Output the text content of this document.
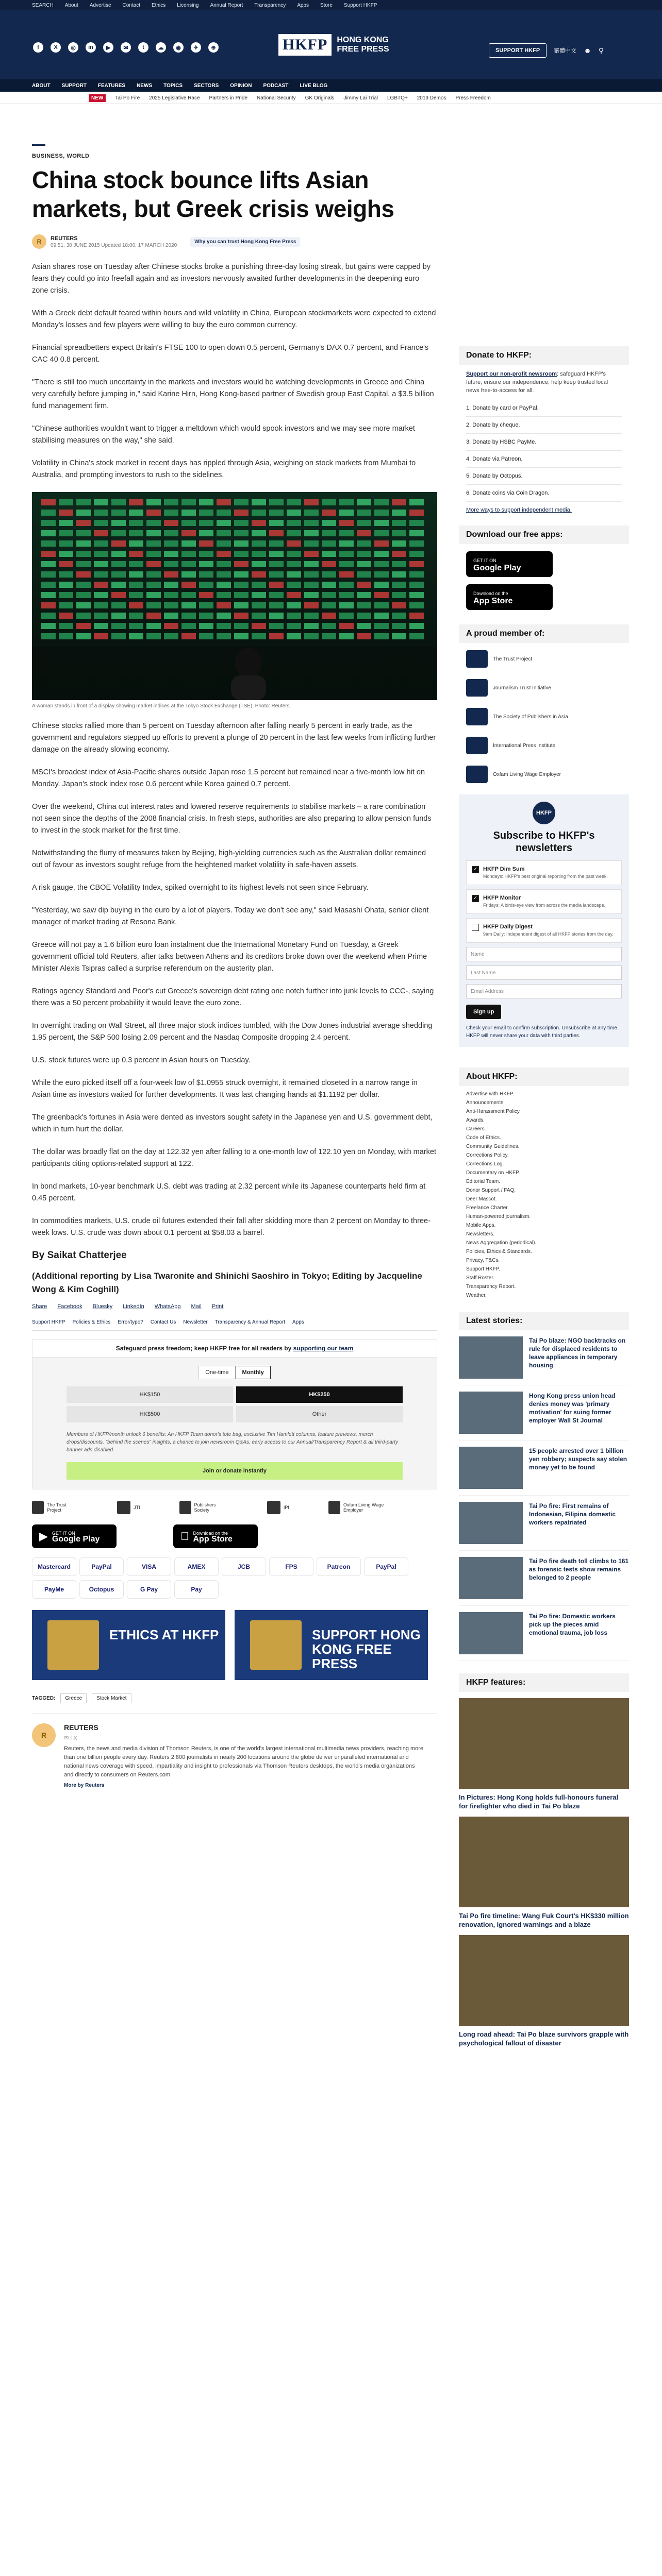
SEARCH About Advertise Contact Ethics Licensing Annual Report Transparency Apps Store Support HKFP
f	X	◎	in	▶	✉	t	☁	◉	✈	⊕	HKFP	HONG KONG
FREE PRESS	SUPPORT HKFP	繁體中文 ☻ ⚲
ABOUT SUPPORT FEATURES NEWS TOPICS SECTORS OPINION PODCAST LIVE BLOG
NEW	Tai Po Fire 2025 Legislative Race Partners in Pride National Security GK Originals Jimmy Lai Trial LGBTQ+ 2019 Demos Press Freedom
BUSINESS, WORLD
China stock bounce lifts Asian markets, but Greek crisis weighs
R	REUTERS
09:51, 30 JUNE 2015 Updated 18:06, 17 MARCH 2020
Why you can trust Hong Kong Free Press

Asian shares rose on Tuesday after Chinese stocks broke a punishing three-day losing streak, but gains were capped by fears they could go into freefall again and as investors nervously awaited further developments in the deepening euro zone crisis.

With a Greek debt default feared within hours and wild volatility in China, European stockmarkets were expected to extend Monday's losses and few players were willing to buy the euro common currency.

Financial spreadbetters expect Britain's FTSE 100 to open down 0.5 percent, Germany's DAX 0.7 percent, and France's CAC 40 0.8 percent.

"There is still too much uncertainty in the markets and investors would be watching developments in Greece and China very carefully before jumping in," said Karine Hirn, Hong Kong-based partner of Swedish group East Capital, a $3.5 billion fund management firm.

"Chinese authorities wouldn't want to trigger a meltdown which would spook investors and we may see more market stabilising measures on the way," she said.

Volatility in China's stock market in recent days has rippled through Asia, weighing on stock markets from Mumbai to Australia, and prompting investors to rush to the sidelines.

A woman stands in front of a display showing market indices at the Tokyo Stock Exchange (TSE). Photo: Reuters.

Chinese stocks rallied more than 5 percent on Tuesday afternoon after falling nearly 5 percent in early trade, as the government and regulators stepped up efforts to prevent a plunge of 20 percent in the last few weeks from inflicting further damage on the already slowing economy.

MSCI's broadest index of Asia-Pacific shares outside Japan rose 1.5 percent but remained near a five-month low hit on Monday. Japan's stock index rose 0.6 percent while Korea gained 0.7 percent.

Over the weekend, China cut interest rates and lowered reserve requirements to stabilise markets – a rare combination not seen since the depths of the 2008 financial crisis. In fresh steps, authorities are also preparing to allow pension funds to invest in the stock market for the first time.

Notwithstanding the flurry of measures taken by Beijing, high-yielding currencies such as the Australian dollar remained out of favour as investors sought refuge from the heightened market volatility in safe-haven assets.

A risk gauge, the CBOE Volatility Index, spiked overnight to its highest levels not seen since February.

"Yesterday, we saw dip buying in the euro by a lot of players. Today we don't see any," said Masashi Ohata, senior client manager of market trading at Resona Bank.

Greece will not pay a 1.6 billion euro loan instalment due the International Monetary Fund on Tuesday, a Greek government official told Reuters, after talks between Athens and its creditors broke down over the weekend when Prime Minister Alexis Tsipras called a surprise referendum on the austerity plan.

Ratings agency Standard and Poor's cut Greece's sovereign debt rating one notch further into junk levels to CCC-, saying there was a 50 percent probability it would leave the euro zone.

In overnight trading on Wall Street, all three major stock indices tumbled, with the Dow Jones industrial average shedding 1.95 percent, the S&P 500 losing 2.09 percent and the Nasdaq Composite dropping 2.4 percent.

U.S. stock futures were up 0.3 percent in Asian hours on Tuesday.

While the euro picked itself off a four-week low of $1.0955 struck overnight, it remained closeted in a narrow range in Asian time as investors waited for further developments. It was last changing hands at $1.1192 per dollar.

The greenback's fortunes in Asia were dented as investors sought safety in the Japanese yen and U.S. government debt, which in turn hurt the dollar.

The dollar was broadly flat on the day at 122.32 yen after falling to a one-month low of 122.10 yen on Monday, with market participants citing options-related support at 122.

In bond markets, 10-year benchmark U.S. debt was trading at 2.32 percent while its Japanese counterparts held firm at 0.45 percent.

In commodities markets, U.S. crude oil futures extended their fall after skidding more than 2 percent on Monday to three-week lows. U.S. crude was down about 0.1 percent at $58.03 a barrel.

By Saikat Chatterjee
(Additional reporting by Lisa Twaronite and Shinichi Saoshiro in Tokyo; Editing by Jacqueline Wong & Kim Coghill)
Share Facebook Bluesky LinkedIn WhatsApp Mail Print
Support HKFP Policies & Ethics Error/typo? Contact Us Newsletter Transparency & Annual Report Apps
Safeguard press freedom; keep HKFP free for all readers by supporting our team
One-time	Monthly
HK$150	HK$250
HK$500	Other
Members of HKFP/month unlock 6 benefits: An HKFP Team donor's tote bag, exclusive Tim Hamlett columns, feature previews, merch drops/discounts, "behind the scenes" insights, a chance to join newsroom Q&As, early access to our Annual/Transparency Report & all third-party banner ads disabled.
Join or donate instantly
The Trust Project	JTI	Publishers Society	IPI	Oxfam Living Wage Employer
▶ GET IT ON
Google Play
Download on the
App Store
Mastercard	PayPal	VISA	AMEX	JCB	FPS	Patreon	PayPal
PayMe	Octopus	G Pay	Pay
ETHICS AT HKFP	SUPPORT HONG KONG FREE PRESS
TAGGED:	Greece	Stock Market
R
REUTERS
✉ f X
Reuters, the news and media division of Thomson Reuters, is one of the world's largest international multimedia news providers, reaching more than one billion people every day. Reuters 2,800 journalists in nearly 200 locations around the globe deliver unparalleled international and national news coverage with speed, impartiality and insight to professionals via Thomson Reuters desktops, the world's media organizations and directly to consumers on Reuters.com
More by Reuters
Donate to HKFP:
Support our non-profit newsroom: safeguard HKFP's future, ensure our independence, help keep trusted local news free-to-access for all.
1. Donate by card or PayPal.
2. Donate by cheque.
3. Donate by HSBC PayMe.
4. Donate via Patreon.
5. Donate by Octopus.
6. Donate coins via Coin Dragon.
More ways to support independent media.
Download our free apps:
GET IT ON
Google Play
Download on the
App Store
A proud member of:
The Trust Project
Journalism Trust Initiative
The Society of Publishers in Asia
International Press Institute
Oxfam Living Wage Employer
HKFP
Subscribe to HKFP's newsletters
✓ HKFP Dim Sum
Mondays: HKFP's best original reporting from the past week.
✓ HKFP Monitor
Fridays: A birds-eye view from across the media landscape.
HKFP Daily Digest
9am Daily: Independent digest of all HKFP stories from the day.
Name
Last Name
Email Address
Sign up
Check your email to confirm subscription. Unsubscribe at any time. HKFP will never share your data with third parties.
About HKFP:
Advertise with HKFP.
Announcements.
Anti-Harassment Policy.
Awards.
Careers.
Code of Ethics.
Community Guidelines.
Corrections Policy.
Corrections Log.
Documentary on HKFP.
Editorial Team.
Donor Support / FAQ.
Deer Mascot.
Freelance Charter.
Human-powered journalism.
Mobile Apps.
Newsletters.
News Aggregation (periodical).
Policies, Ethics & Standards.
Privacy, T&Cs.
Support HKFP.
Staff Roster.
Transparency Report.
Weather.
Latest stories:
Tai Po blaze: NGO backtracks on rule for displaced residents to leave appliances in temporary housing
Hong Kong press union head denies money was 'primary motivation' for suing former employer Wall St Journal
15 people arrested over 1 billion yen robbery; suspects say stolen money yet to be found
Tai Po fire: First remains of Indonesian, Filipina domestic workers repatriated
Tai Po fire death toll climbs to 161 as forensic tests show remains belonged to 2 people
Tai Po fire: Domestic workers pick up the pieces amid emotional trauma, job loss
HKFP features:
In Pictures: Hong Kong holds full-honours funeral for firefighter who died in Tai Po blaze
Tai Po fire timeline: Wang Fuk Court's HK$330 million renovation, ignored warnings and a blaze
Long road ahead: Tai Po blaze survivors grapple with psychological fallout of disaster
